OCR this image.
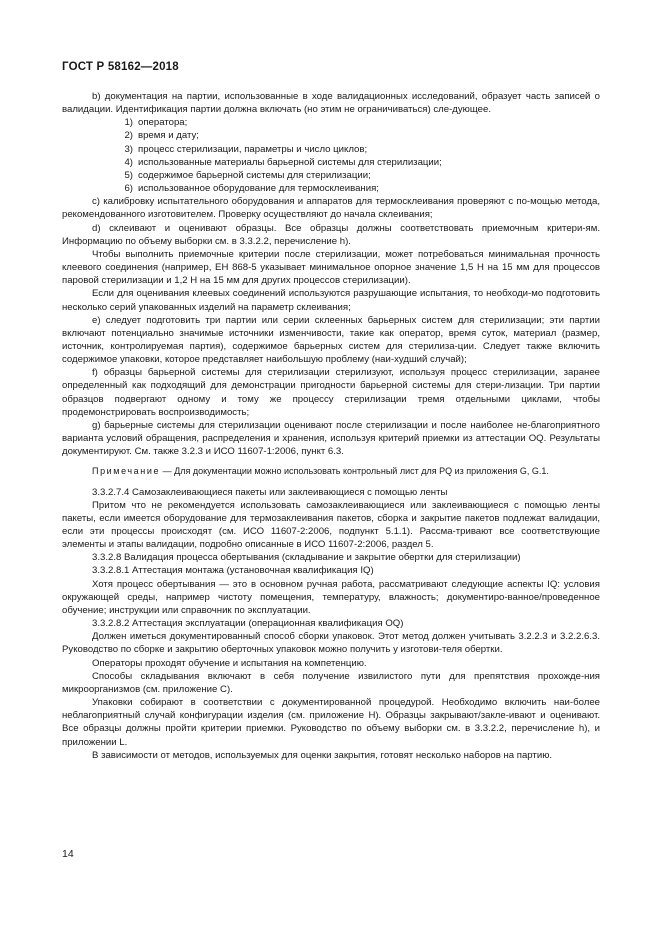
ГОСТ Р 58162—2018

b) документация на партии, использованные в ходе валидационных исследований, образует часть записей о валидации. Идентификация партии должна включать (но этим не ограничиваться) сле-дующее.

1) оператора;

2) время и дату;

3) процесс стерилизации, параметры и число циклов;

4) использованные материалы барьерной системы для стерилизации;

5) содержимое барьерной системы для стерилизации;

6) использованное оборудование для термосклеивания;

c) калибровку испытательного оборудования и аппаратов для термосклеивания проверяют с по-мощью метода, рекомендованного изготовителем. Проверку осуществляют до начала склеивания;

d) склеивают и оценивают образцы. Все образцы должны соответствовать приемочным критери-ям. Информацию по объему выборки см. в 3.3.2.2, перечисление h).

Чтобы выполнить приемочные критерии после стерилизации, может потребоваться минимальная прочность клеевого соединения (например, ЕН 868-5 указывает минимальное опорное значение 1,5 Н на 15 мм для процессов паровой стерилизации и 1,2 Н на 15 мм для других процессов стерилизации).

Если для оценивания клеевых соединений используются разрушающие испытания, то необходи-мо подготовить несколько серий упакованных изделий на параметр склеивания;

e) следует подготовить три партии или серии склеенных барьерных систем для стерилизации; эти партии включают потенциально значимые источники изменчивости, такие как оператор, время суток, материал (размер, источник, контролируемая партия), содержимое барьерных систем для стерилиза-ции. Следует также включить содержимое упаковки, которое представляет наибольшую проблему (наи-худший случай);

f) образцы барьерной системы для стерилизации стерилизуют, используя процесс стерилизации, заранее определенный как подходящий для демонстрации пригодности барьерной системы для стери-лизации. Три партии образцов подвергают одному и тому же процессу стерилизации тремя отдельными циклами, чтобы продемонстрировать воспроизводимость;

g) барьерные системы для стерилизации оценивают после стерилизации и после наиболее не-благоприятного варианта условий обращения, распределения и хранения, используя критерий приемки из аттестации OQ. Результаты документируют. См. также 3.2.3 и ИСО 11607-1:2006, пункт 6.3.

Примечание — Для документации можно использовать контрольный лист для PQ из приложения G, G.1.

3.3.2.7.4 Самозаклеивающиеся пакеты или заклеивающиеся с помощью ленты

Притом что не рекомендуется использовать самозаклеивающиеся или заклеивающиеся с помощью ленты пакеты, если имеется оборудование для термозаклеивания пакетов, сборка и закрытие пакетов подлежат валидации, если эти процессы происходят (см. ИСО 11607-2:2006, подпункт 5.1.1). Рассма-тривают все соответствующие элементы и этапы валидации, подробно описанные в ИСО 11607-2:2006, раздел 5.

3.3.2.8 Валидация процесса обертывания (складывание и закрытие обертки для стерилизации)

3.3.2.8.1 Аттестация монтажа (установочная квалификация IQ)

Хотя процесс обертывания — это в основном ручная работа, рассматривают следующие аспекты IQ: условия окружающей среды, например чистоту помещения, температуру, влажность; документиро-ванное/проведенное обучение; инструкции или справочник по эксплуатации.

3.3.2.8.2 Аттестация эксплуатации (операционная квалификация OQ)

Должен иметься документированный способ сборки упаковок. Этот метод должен учитывать 3.2.2.3 и 3.2.2.6.3. Руководство по сборке и закрытию оберточных упаковок можно получить у изготови-теля обертки.

Операторы проходят обучение и испытания на компетенцию.

Способы складывания включают в себя получение извилистого пути для препятствия прохожде-ния микроорганизмов (см. приложение C).

Упаковки собирают в соответствии с документированной процедурой. Необходимо включить наи-более неблагоприятный случай конфигурации изделия (см. приложение H). Образцы закрывают/закле-ивают и оценивают. Все образцы должны пройти критерии приемки. Руководство по объему выборки см. в 3.3.2.2, перечисление h), и приложении L.

В зависимости от методов, используемых для оценки закрытия, готовят несколько наборов на партию.

14
